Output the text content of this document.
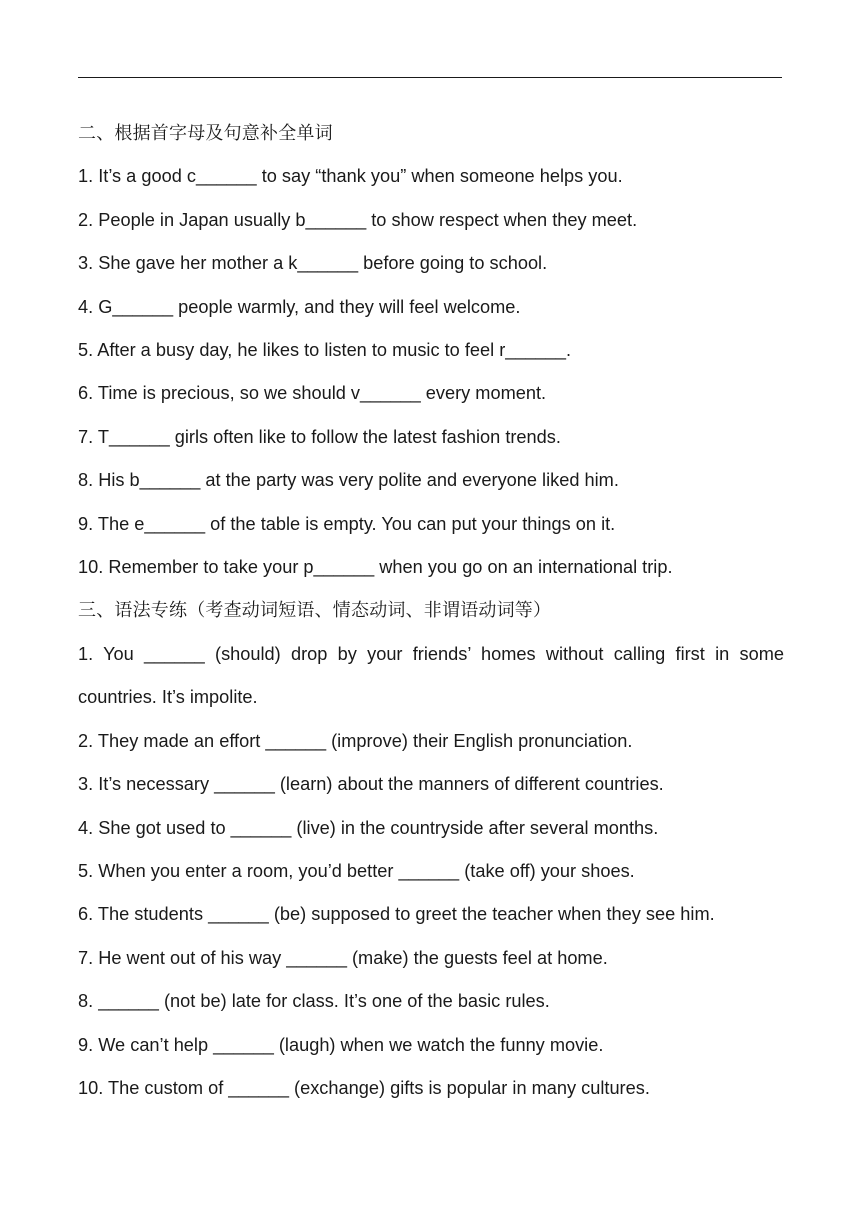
二、根据首字母及句意补全单词
1. It’s a good c______ to say “thank you” when someone helps you.
2. People in Japan usually b______ to show respect when they meet.
3. She gave her mother a k______ before going to school.
4. G______ people warmly, and they will feel welcome.
5. After a busy day, he likes to listen to music to feel r______.
6. Time is precious, so we should v______ every moment.
7. T______ girls often like to follow the latest fashion trends.
8. His b______ at the party was very polite and everyone liked him.
9. The e______ of the table is empty. You can put your things on it.
10. Remember to take your p______ when you go on an international trip.
三、语法专练（考查动词短语、情态动词、非谓语动词等）
1. You ______ (should) drop by your friends’ homes without calling first in some countries. It’s impolite.
2. They made an effort ______ (improve) their English pronunciation.
3. It’s necessary ______ (learn) about the manners of different countries.
4. She got used to ______ (live) in the countryside after several months.
5. When you enter a room, you’d better ______ (take off) your shoes.
6. The students ______ (be) supposed to greet the teacher when they see him.
7. He went out of his way ______ (make) the guests feel at home.
8. ______ (not be) late for class. It’s one of the basic rules.
9. We can’t help ______ (laugh) when we watch the funny movie.
10. The custom of ______ (exchange) gifts is popular in many cultures.
